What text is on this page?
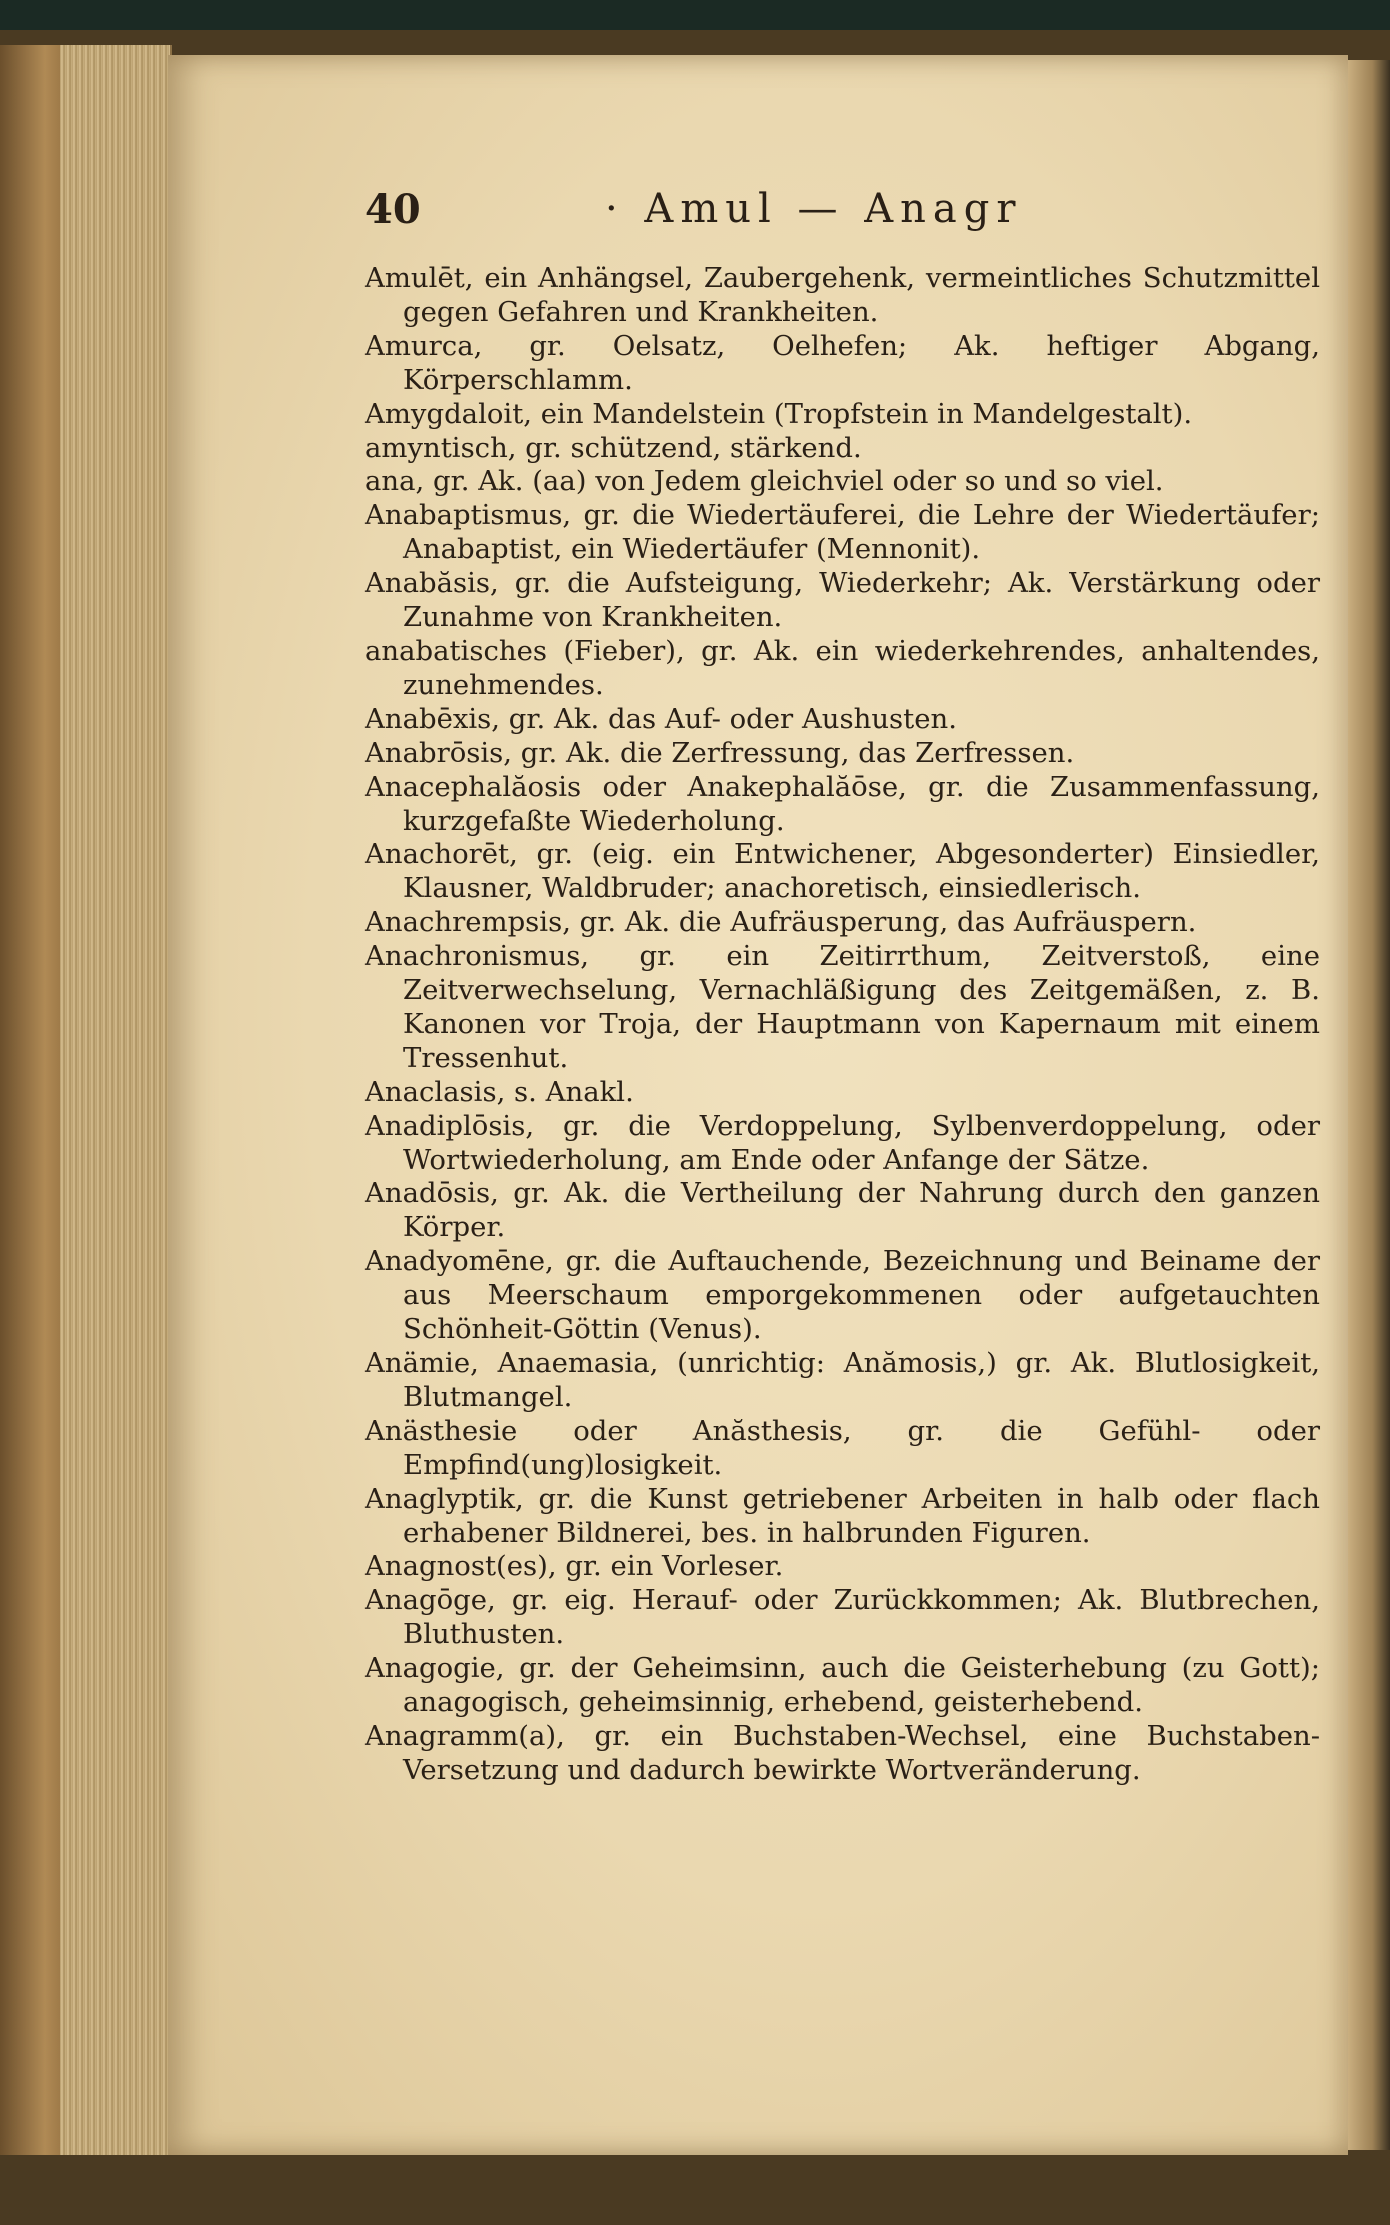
40	· Amul — Anagr

Amulēt, ein Anhängsel, Zaubergehenk, vermeintliches Schutzmittel gegen Gefahren und Krankheiten.

Amurca, gr. Oelsatz, Oelhefen; Ak. heftiger Abgang, Körperschlamm.

Amygdaloit, ein Mandelstein (Tropfstein in Mandelgestalt).

amyntisch, gr. schützend, stärkend.

ana, gr. Ak. (aa) von Jedem gleichviel oder so und so viel.

Anabaptismus, gr. die Wiedertäuferei, die Lehre der Wiedertäufer; Anabaptist, ein Wiedertäufer (Mennonit).

Anabăsis, gr. die Aufsteigung, Wiederkehr; Ak. Verstärkung oder Zunahme von Krankheiten.

anabatisches (Fieber), gr. Ak. ein wiederkehrendes, anhaltendes, zunehmendes.

Anabēxis, gr. Ak. das Auf- oder Aushusten.

Anabrōsis, gr. Ak. die Zerfressung, das Zerfressen.

Anacephalăosis oder Anakephalăōse, gr. die Zusammenfassung, kurzgefaßte Wiederholung.

Anachorēt, gr. (eig. ein Entwichener, Abgesonderter) Einsiedler, Klausner, Waldbruder; anachoretisch, einsiedlerisch.

Anachrempsis, gr. Ak. die Aufräusperung, das Aufräuspern.

Anachronismus, gr. ein Zeitirrthum, Zeitverstoß, eine Zeitverwechselung, Vernachläßigung des Zeitgemäßen, z. B. Kanonen vor Troja, der Hauptmann von Kapernaum mit einem Tressenhut.

Anaclasis, s. Anakl.

Anadiplōsis, gr. die Verdoppelung, Sylbenverdoppelung, oder Wortwiederholung, am Ende oder Anfange der Sätze.

Anadōsis, gr. Ak. die Vertheilung der Nahrung durch den ganzen Körper.

Anadyomēne, gr. die Auftauchende, Bezeichnung und Beiname der aus Meerschaum emporgekommenen oder aufgetauchten Schönheit-Göttin (Venus).

Anämie, Anaemasia, (unrichtig: Anămosis,) gr. Ak. Blutlosigkeit, Blutmangel.

Anästhesie oder Anăsthesis, gr. die Gefühl- oder Empfind(ung)losigkeit.

Anaglyptik, gr. die Kunst getriebener Arbeiten in halb oder flach erhabener Bildnerei, bes. in halbrunden Figuren.

Anagnost(es), gr. ein Vorleser.

Anagōge, gr. eig. Herauf- oder Zurückkommen; Ak. Blutbrechen, Bluthusten.

Anagogie, gr. der Geheimsinn, auch die Geisterhebung (zu Gott); anagogisch, geheimsinnig, erhebend, geisterhebend.

Anagramm(a), gr. ein Buchstaben-Wechsel, eine Buchstaben-Versetzung und dadurch bewirkte Wortveränderung.
